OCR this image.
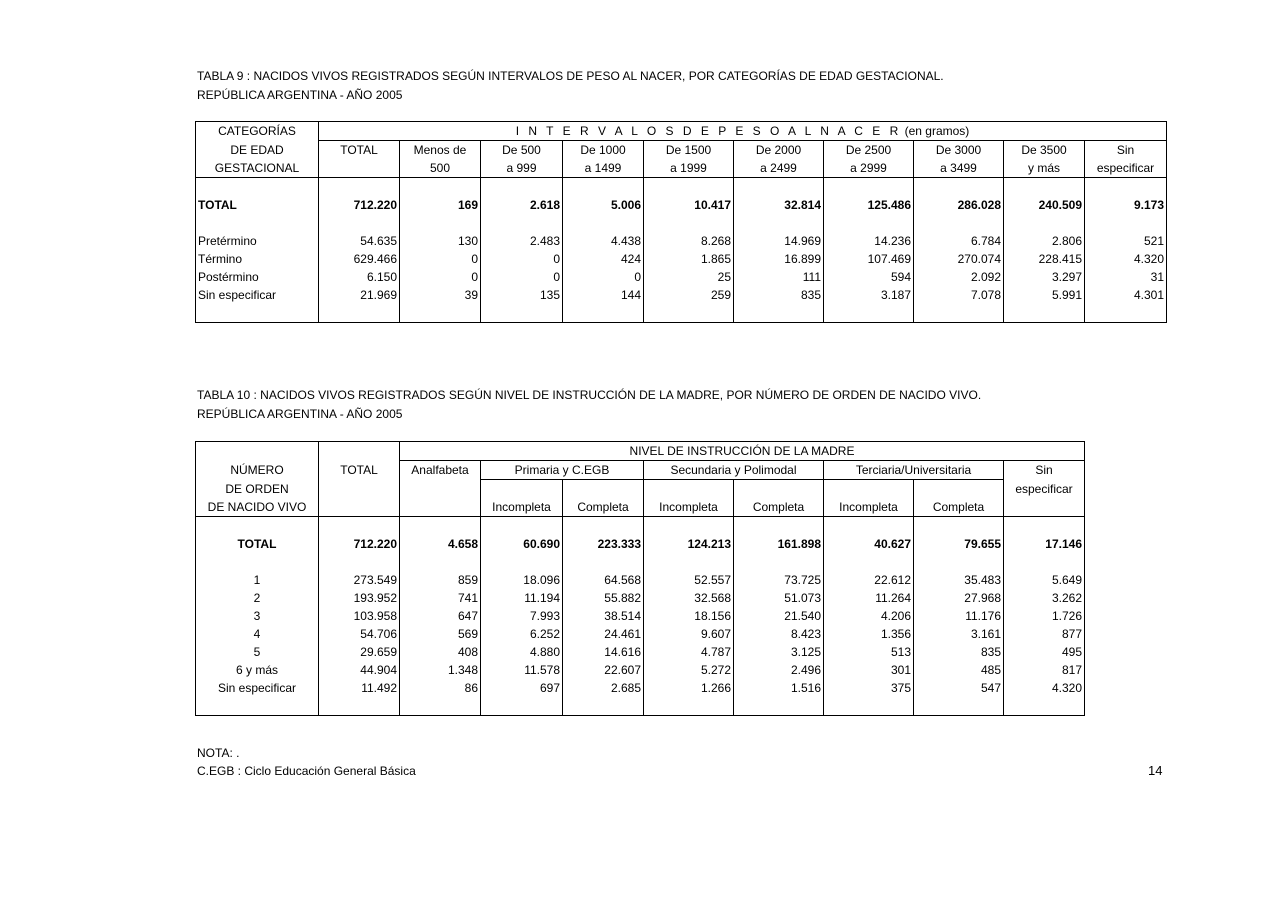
TABLA 9 : NACIDOS VIVOS REGISTRADOS SEGÚN INTERVALOS DE PESO AL NACER, POR CATEGORÍAS DE EDAD GESTACIONAL.
REPÚBLICA ARGENTINA - AÑO 2005
CATEGORÍAS	I N T E R V A L O S D E P E S O A L N A C E R (en gramos)									
DE EDAD	TOTAL	Menos de	De 500	De 1000	De 1500	De 2000	De 2500	De 3000	De 3500	Sin
GESTACIONAL		500	a 999	a 1499	a 1999	a 2499	a 2999	a 3499	y más	especificar

TOTAL	712.220	169	2.618	5.006	10.417	32.814	125.486	286.028	240.509	9.173

Pretérmino	54.635	130	2.483	4.438	8.268	14.969	14.236	6.784	2.806	521
Término	629.466	0	0	424	1.865	16.899	107.469	270.074	228.415	4.320
Postérmino	6.150	0	0	0	25	111	594	2.092	3.297	31
Sin especificar	21.969	39	135	144	259	835	3.187	7.078	5.991	4.301

TABLA 10 : NACIDOS VIVOS REGISTRADOS SEGÚN NIVEL DE INSTRUCCIÓN DE LA MADRE, POR NÚMERO DE ORDEN DE NACIDO VIVO.
REPÚBLICA ARGENTINA - AÑO 2005
		NIVEL DE INSTRUCCIÓN DE LA MADRE							
NÚMERO	TOTAL	Analfabeta	Primaria y C.EGB		Secundaria y Polimodal		Terciaria/Universitaria		Sin
DE ORDEN									especificar
DE NACIDO VIVO			Incompleta	Completa	Incompleta	Completa	Incompleta	Completa	

TOTAL	712.220	4.658	60.690	223.333	124.213	161.898	40.627	79.655	17.146

1	273.549	859	18.096	64.568	52.557	73.725	22.612	35.483	5.649
2	193.952	741	11.194	55.882	32.568	51.073	11.264	27.968	3.262
3	103.958	647	7.993	38.514	18.156	21.540	4.206	11.176	1.726
4	54.706	569	6.252	24.461	9.607	8.423	1.356	3.161	877
5	29.659	408	4.880	14.616	4.787	3.125	513	835	495
6 y más	44.904	1.348	11.578	22.607	5.272	2.496	301	485	817
Sin especificar	11.492	86	697	2.685	1.266	1.516	375	547	4.320

NOTA: .
C.EGB : Ciclo Educación General Básica	14
